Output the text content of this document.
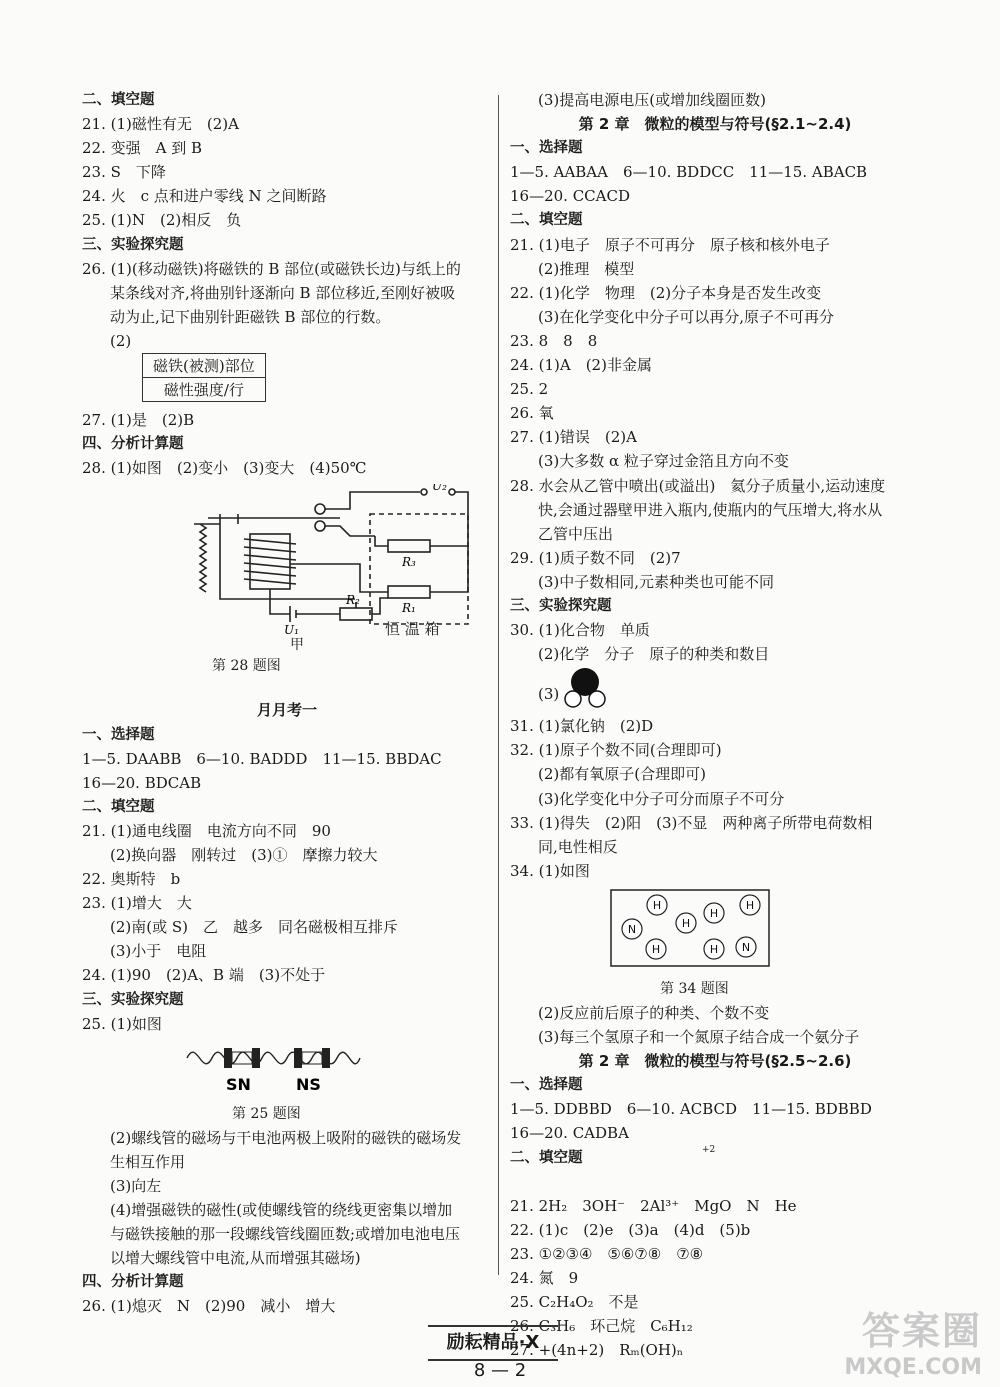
二、填空题
21. (1)磁性有无　(2)A
22. 变强　A 到 B
23. S　下降
24. 火　c 点和进户零线 N 之间断路
25. (1)N　(2)相反　负
三、实验探究题
26. (1)(移动磁铁)将磁铁的 B 部位(或磁铁长边)与纸上的
某条线对齐,将曲别针逐渐向 B 部位移近,至刚好被吸
动为止,记下曲别针距磁铁 B 部位的行数。
(2)
磁铁(被测)部位
磁性强度/行
27. (1)是　(2)B
四、分析计算题
28. (1)如图　(2)变小　(3)变大　(4)50℃
U₂
R₃
R₂
R₁
U₁
甲
恒 温 箱
第 28 题图
月月考一
一、选择题
1—5. DAABB　6—10. BADDD　11—15. BBDAC
16—20. BDCAB
二、填空题
21. (1)通电线圈　电流方向不同　90
(2)换向器　刚转过　(3)①　摩擦力较大
22. 奥斯特　b
23. (1)增大　大
(2)南(或 S)　乙　越多　同名磁极相互排斥
(3)小于　电阻
24. (1)90　(2)A、B 端　(3)不处于
三、实验探究题
25. (1)如图
SN	NS
第 25 题图
(2)螺线管的磁场与干电池两极上吸附的磁铁的磁场发
生相互作用
(3)向左
(4)增强磁铁的磁性(或使螺线管的绕线更密集以增加
与磁铁接触的那一段螺线管线圈匝数;或增加电池电压
以增大螺线管中电流,从而增强其磁场)
四、分析计算题
26. (1)熄灭　N　(2)90　减小　增大
(3)提高电源电压(或增加线圈匝数)
第 2 章　微粒的模型与符号(§2.1~2.4)
一、选择题
1—5. AABAA　6—10. BDDCC　11—15. ABACB
16—20. CCACD
二、填空题
21. (1)电子　原子不可再分　原子核和核外电子
(2)推理　模型
22. (1)化学　物理　(2)分子本身是否发生改变
(3)在化学变化中分子可以再分,原子不可再分
23. 8　8　8
24. (1)A　(2)非金属
25. 2
26. 氧
27. (1)错误　(2)A
(3)大多数 α 粒子穿过金箔且方向不变
28. 水会从乙管中喷出(或溢出)　氦分子质量小,运动速度
快,会通过器壁甲进入瓶内,使瓶内的气压增大,将水从
乙管中压出
29. (1)质子数不同　(2)7
(3)中子数相同,元素种类也可能不同
三、实验探究题
30. (1)化合物　单质
(2)化学　分子　原子的种类和数目
(3)
31. (1)氯化钠　(2)D
32. (1)原子个数不同(合理即可)
(2)都有氧原子(合理即可)
(3)化学变化中分子可分而原子不可分
33. (1)得失　(2)阳　(3)不显　两种离子所带电荷数相
同,电性相反
34. (1)如图
H
H
H
H
H	H
N
N
第 34 题图
(2)反应前后原子的种类、个数不变
(3)每三个氢原子和一个氮原子结合成一个氨分子
第 2 章　微粒的模型与符号(§2.5~2.6)
一、选择题
1—5. DDBBD　6—10. ACBCD　11—15. BDBBD
16—20. CADBA
二、填空题
21. 2H₂　3OH⁻　2Al³⁺　MgO　N　He
22. (1)c　(2)e　(3)a　(4)d　(5)b
23. ①②③④　⑤⑥⑦⑧　⑦⑧
24. 氮　9
25. C₂H₄O₂　不是
26. C₃H₆　环己烷　C₆H₁₂
27. +(4n+2)　Rₘ(OH)ₙ
+2
励耘精品·X
8 — 2
答案圈
MXQE.COM
